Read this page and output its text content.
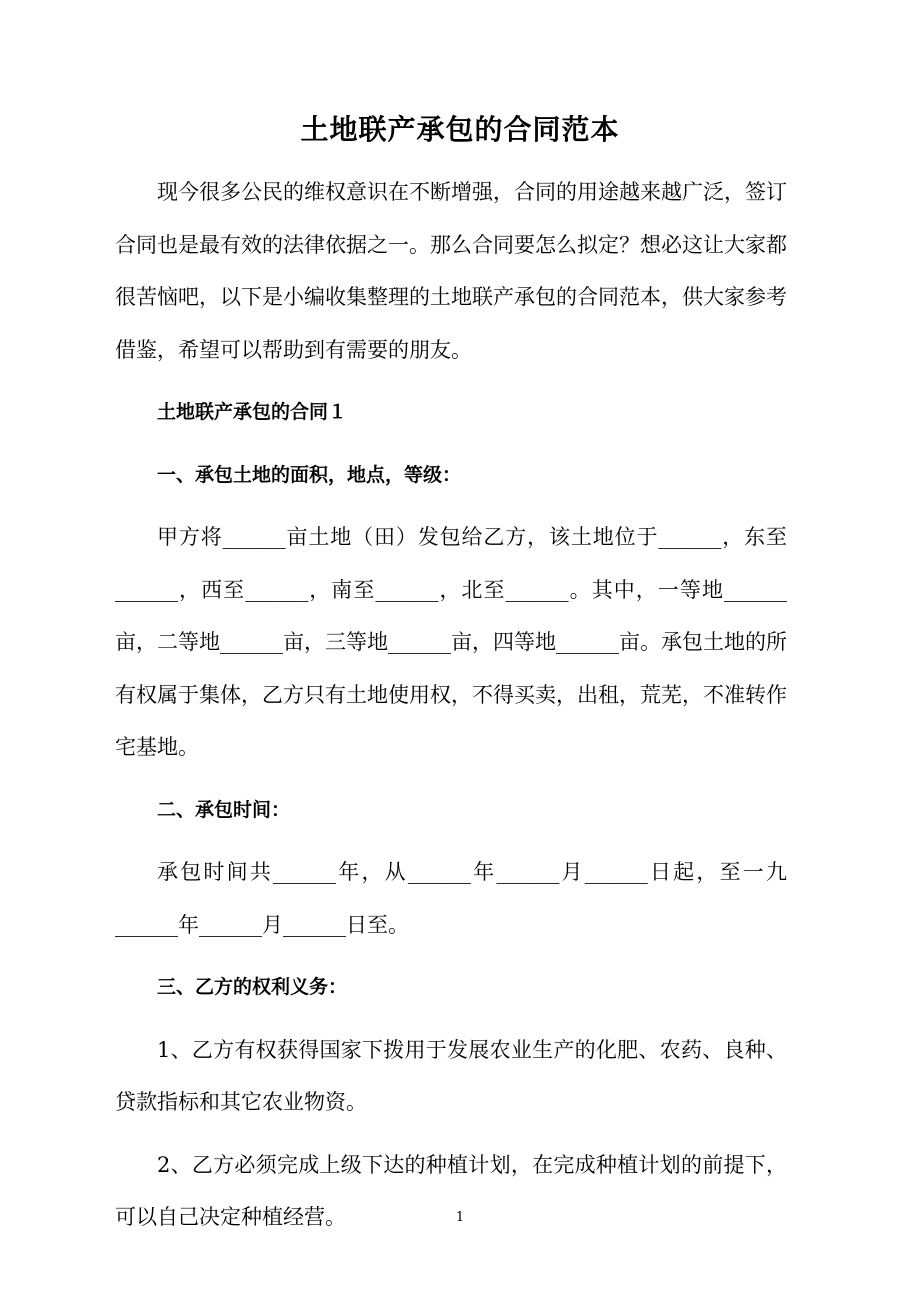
土地联产承包的合同范本

现今很多公民的维权意识在不断增强，合同的用途越来越广泛，签订合同也是最有效的法律依据之一。那么合同要怎么拟定？想必这让大家都很苦恼吧，以下是小编收集整理的土地联产承包的合同范本，供大家参考借鉴，希望可以帮助到有需要的朋友。

土地联产承包的合同１

一、承包土地的面积，地点，等级：

甲方将______亩土地（田）发包给乙方，该土地位于______，东至______，西至______，南至______，北至______。其中，一等地______亩，二等地______亩，三等地______亩，四等地______亩。承包土地的所有权属于集体，乙方只有土地使用权，不得买卖，出租，荒芜，不准转作宅基地。

二、承包时间：

承包时间共______年，从______年______月______日起，至一九______年______月______日至。

三、乙方的权利义务：

1、乙方有权获得国家下拨用于发展农业生产的化肥、农药、良种、贷款指标和其它农业物资。

2、乙方必须完成上级下达的种植计划，在完成种植计划的前提下，可以自己决定种植经营。	1
